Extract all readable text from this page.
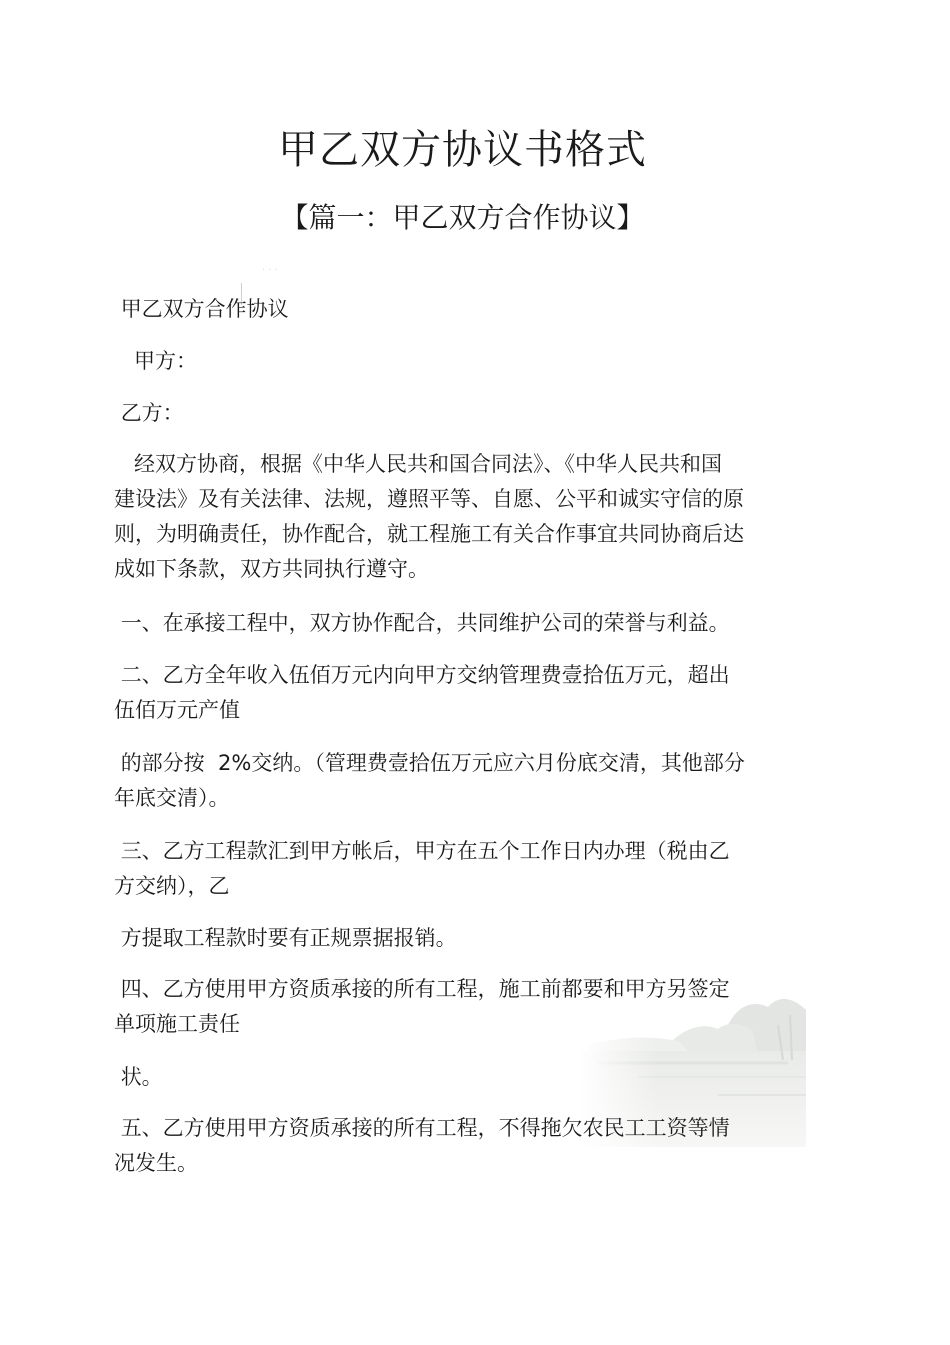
甲乙双方协议书格式
【篇一：甲乙双方合作协议】
· · ·

甲乙双方合作协议

甲方：

乙方：

经双方协商，根据《中华人民共和国合同法》、《中华人民共和国
建设法》及有关法律、法规，遵照平等、自愿、公平和诚实守信的原
则，为明确责任，协作配合，就工程施工有关合作事宜共同协商后达
成如下条款，双方共同执行遵守。

一、在承接工程中，双方协作配合，共同维护公司的荣誉与利益。

二、乙方全年收入伍佰万元内向甲方交纳管理费壹拾伍万元，超出
伍佰万元产值

的部分按  2%交纳。（管理费壹拾伍万元应六月份底交清，其他部分
年底交清）。

三、乙方工程款汇到甲方帐后，甲方在五个工作日内办理（税由乙
方交纳），乙

方提取工程款时要有正规票据报销。

四、乙方使用甲方资质承接的所有工程，施工前都要和甲方另签定
单项施工责任

状。

五、乙方使用甲方资质承接的所有工程，不得拖欠农民工工资等情
况发生。
